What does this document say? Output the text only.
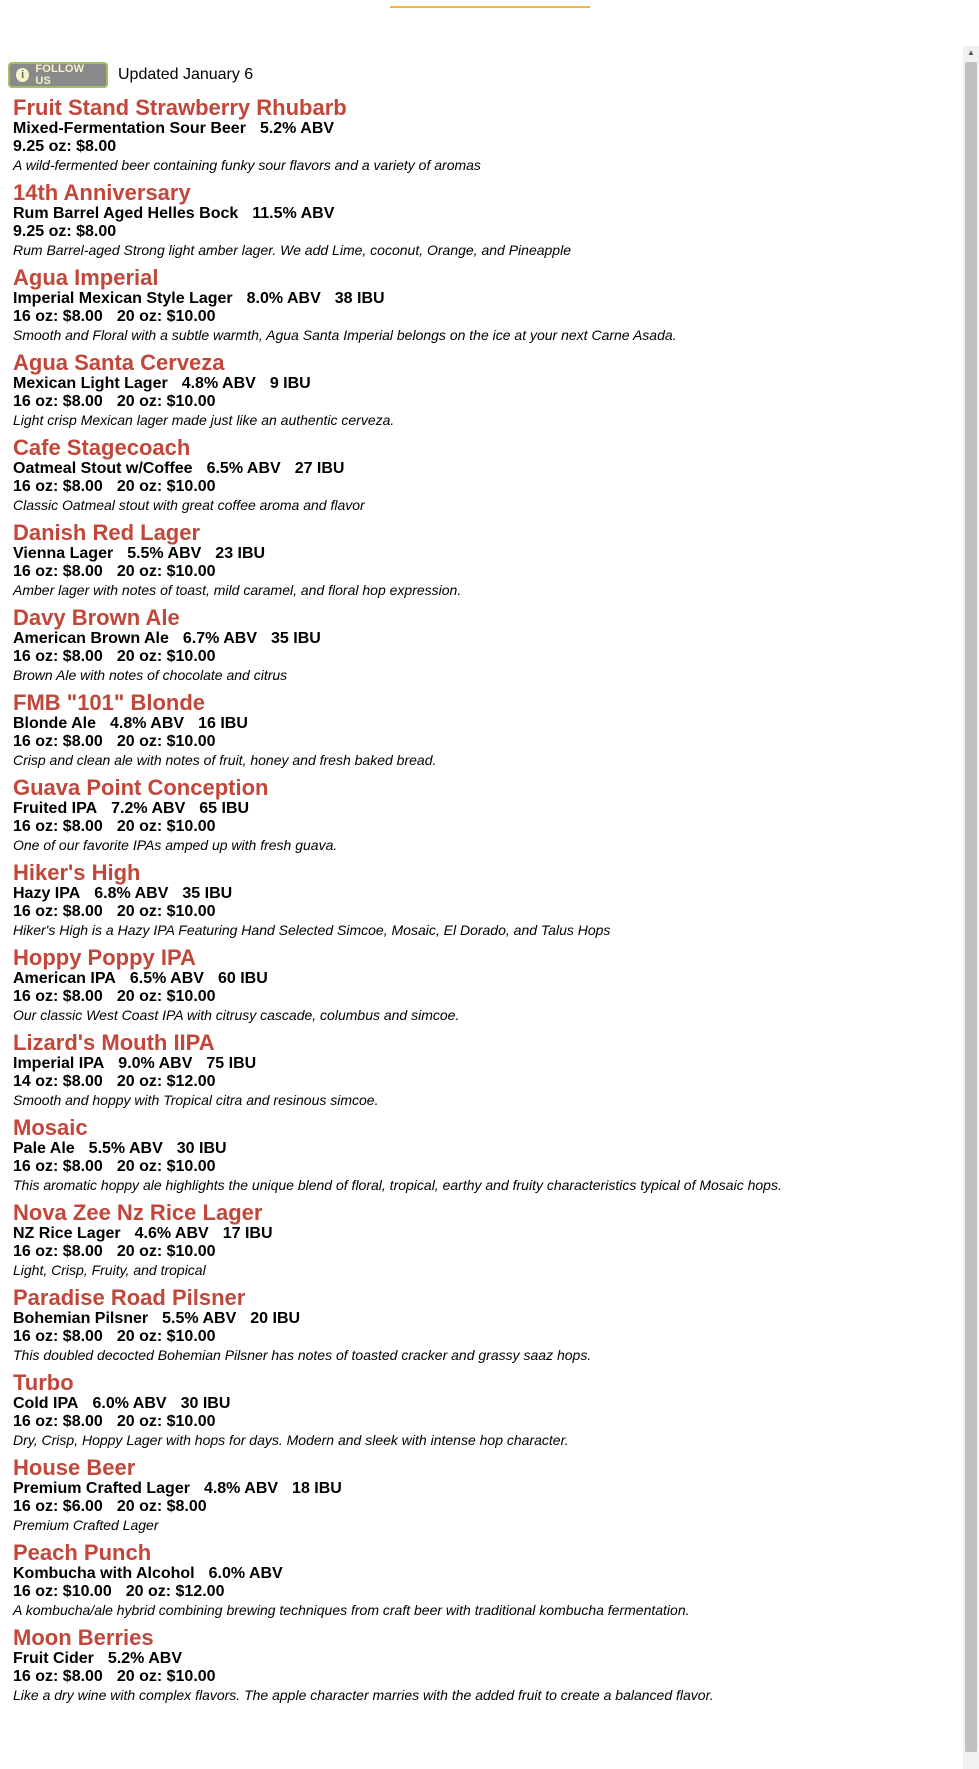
▲
i	FOLLOW US	Updated January 6
Fruit Stand Strawberry Rhubarb
Mixed-Fermentation Sour Beer 5.2% ABV
9.25 oz: $8.00
A wild-fermented beer containing funky sour flavors and a variety of aromas
14th Anniversary
Rum Barrel Aged Helles Bock 11.5% ABV
9.25 oz: $8.00
Rum Barrel-aged Strong light amber lager. We add Lime, coconut, Orange, and Pineapple
Agua Imperial
Imperial Mexican Style Lager 8.0% ABV 38 IBU
16 oz: $8.00 20 oz: $10.00
Smooth and Floral with a subtle warmth, Agua Santa Imperial belongs on the ice at your next Carne Asada.
Agua Santa Cerveza
Mexican Light Lager 4.8% ABV 9 IBU
16 oz: $8.00 20 oz: $10.00
Light crisp Mexican lager made just like an authentic cerveza.
Cafe Stagecoach
Oatmeal Stout w/Coffee 6.5% ABV 27 IBU
16 oz: $8.00 20 oz: $10.00
Classic Oatmeal stout with great coffee aroma and flavor
Danish Red Lager
Vienna Lager 5.5% ABV 23 IBU
16 oz: $8.00 20 oz: $10.00
Amber lager with notes of toast, mild caramel, and floral hop expression.
Davy Brown Ale
American Brown Ale 6.7% ABV 35 IBU
16 oz: $8.00 20 oz: $10.00
Brown Ale with notes of chocolate and citrus
FMB "101" Blonde
Blonde Ale 4.8% ABV 16 IBU
16 oz: $8.00 20 oz: $10.00
Crisp and clean ale with notes of fruit, honey and fresh baked bread.
Guava Point Conception
Fruited IPA 7.2% ABV 65 IBU
16 oz: $8.00 20 oz: $10.00
One of our favorite IPAs amped up with fresh guava.
Hiker's High
Hazy IPA 6.8% ABV 35 IBU
16 oz: $8.00 20 oz: $10.00
Hiker's High is a Hazy IPA Featuring Hand Selected Simcoe, Mosaic, El Dorado, and Talus Hops
Hoppy Poppy IPA
American IPA 6.5% ABV 60 IBU
16 oz: $8.00 20 oz: $10.00
Our classic West Coast IPA with citrusy cascade, columbus and simcoe.
Lizard's Mouth IIPA
Imperial IPA 9.0% ABV 75 IBU
14 oz: $8.00 20 oz: $12.00
Smooth and hoppy with Tropical citra and resinous simcoe.
Mosaic
Pale Ale 5.5% ABV 30 IBU
16 oz: $8.00 20 oz: $10.00
This aromatic hoppy ale highlights the unique blend of floral, tropical, earthy and fruity characteristics typical of Mosaic hops.
Nova Zee Nz Rice Lager
NZ Rice Lager 4.6% ABV 17 IBU
16 oz: $8.00 20 oz: $10.00
Light, Crisp, Fruity, and tropical
Paradise Road Pilsner
Bohemian Pilsner 5.5% ABV 20 IBU
16 oz: $8.00 20 oz: $10.00
This doubled decocted Bohemian Pilsner has notes of toasted cracker and grassy saaz hops.
Turbo
Cold IPA 6.0% ABV 30 IBU
16 oz: $8.00 20 oz: $10.00
Dry, Crisp, Hoppy Lager with hops for days. Modern and sleek with intense hop character.
House Beer
Premium Crafted Lager 4.8% ABV 18 IBU
16 oz: $6.00 20 oz: $8.00
Premium Crafted Lager
Peach Punch
Kombucha with Alcohol 6.0% ABV
16 oz: $10.00 20 oz: $12.00
A kombucha/ale hybrid combining brewing techniques from craft beer with traditional kombucha fermentation.
Moon Berries
Fruit Cider 5.2% ABV
16 oz: $8.00 20 oz: $10.00
Like a dry wine with complex flavors. The apple character marries with the added fruit to create a balanced flavor.
